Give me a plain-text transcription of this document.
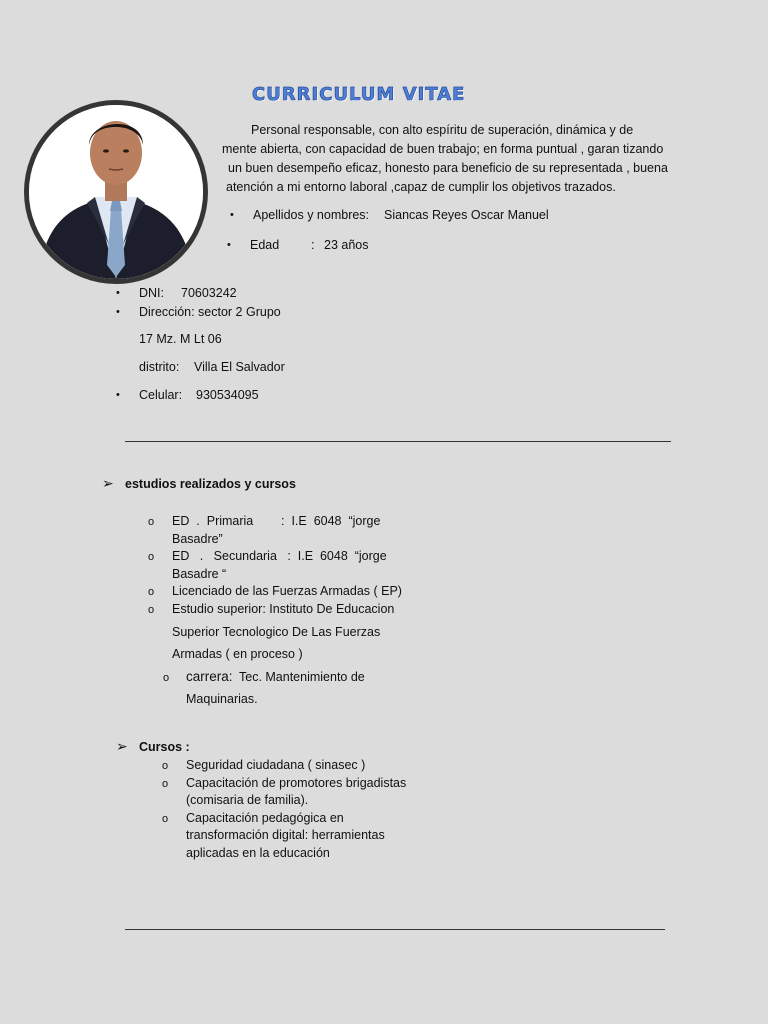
CURRICULUM VITAE
Personal responsable, con alto espíritu de superación, dinámica y de
mente abierta, con capacidad de buen trabajo; en forma puntual , garan tizando
un buen desempeño eficaz, honesto para beneficio de su representada , buena
atención a mi entorno laboral ,capaz de cumplir los objetivos trazados.
• Apellidos y nombres: Siancas Reyes Oscar Manuel
• Edad	: 23 años
• DNI: 70603242
• Dirección: sector 2 Grupo
17 Mz. M Lt 06
distrito: Villa El Salvador
• Celular: 930534095
➢ estudios realizados y cursos
o ED  .  Primaria        :  I.E  6048  “jorge
Basadre”
o ED   .   Secundaria   :  I.E  6048  “jorge
Basadre “
o Licenciado de las Fuerzas Armadas ( EP)
o Estudio superior: Instituto De Educacion
Superior Tecnologico De Las Fuerzas
Armadas ( en proceso )
o carrera: Tec. Mantenimiento de
Maquinarias.
➢ Cursos :
o Seguridad ciudadana ( sinasec )
o Capacitación de promotores brigadistas
(comisaria de familia).
o Capacitación pedagógica en
transformación digital: herramientas
aplicadas en la educación
